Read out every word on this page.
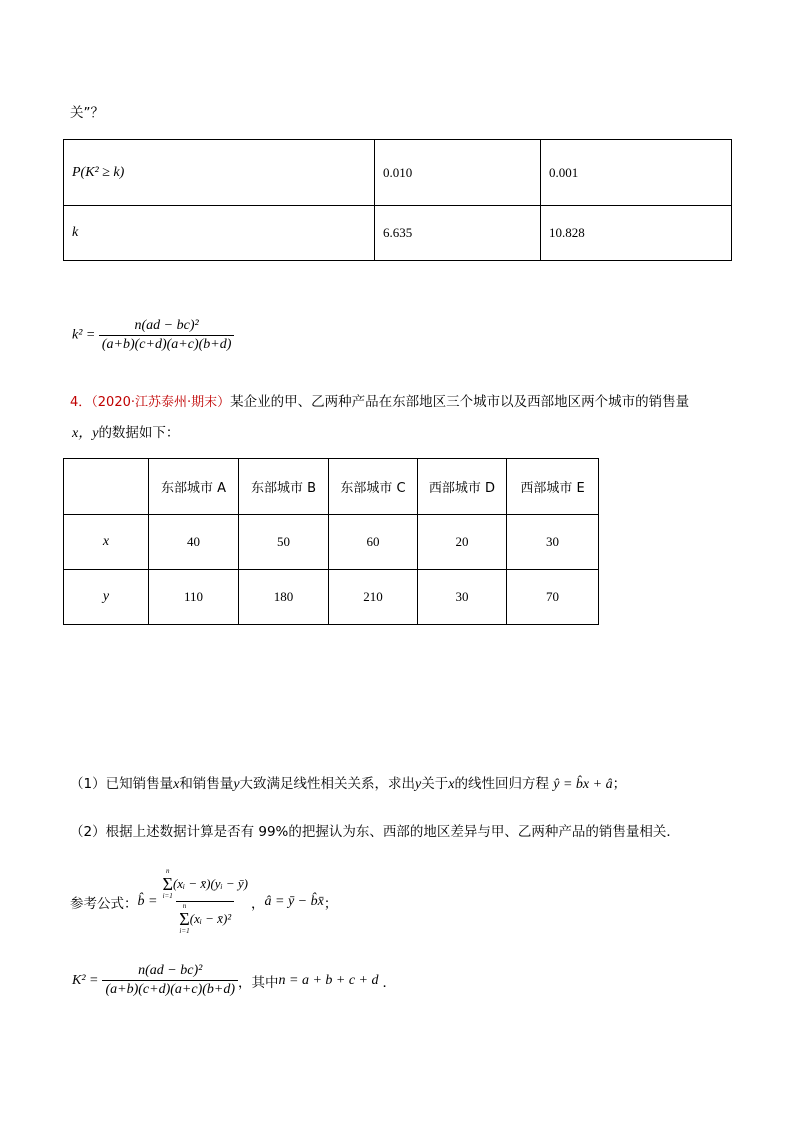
关”？
P(K² ≥ k)	0.010	0.001
k	6.635	10.828
$k^2 = \frac{\text{n(ad − bc)²}}{(a+b)(c+d)(a+c)(b+d)}$
4．（2020·江苏泰州·期末）某企业的甲、乙两种产品在东部地区三个城市以及西部地区两个城市的销售量
x，y的数据如下：
	东部城市 A	东部城市 B	东部城市 C	西部城市 D	西部城市 E
x	40	50	60	20	30
y	110	180	210	30	70
（1）已知销售量x和销售量y大致满足线性相关关系，求出y关于x的线性回归方程 ŷ = b̂x + â；
（2）根据上述数据计算是否有 99%的把握认为东、西部的地区差异与甲、乙两种产品的销售量相关．
参考公式： b̂ = n
Σ
i=1
(xᵢ − x̄)(yᵢ − ȳ)
n
Σ
i=1
(xᵢ − x̄)² ， â = ȳ − b̂x̄ ；
$K^2 = \frac{\text{n(ad − bc)²}}{(a+b)(c+d)(a+c)(b+d)}$ ，其中 n = a + b + c + d ．
